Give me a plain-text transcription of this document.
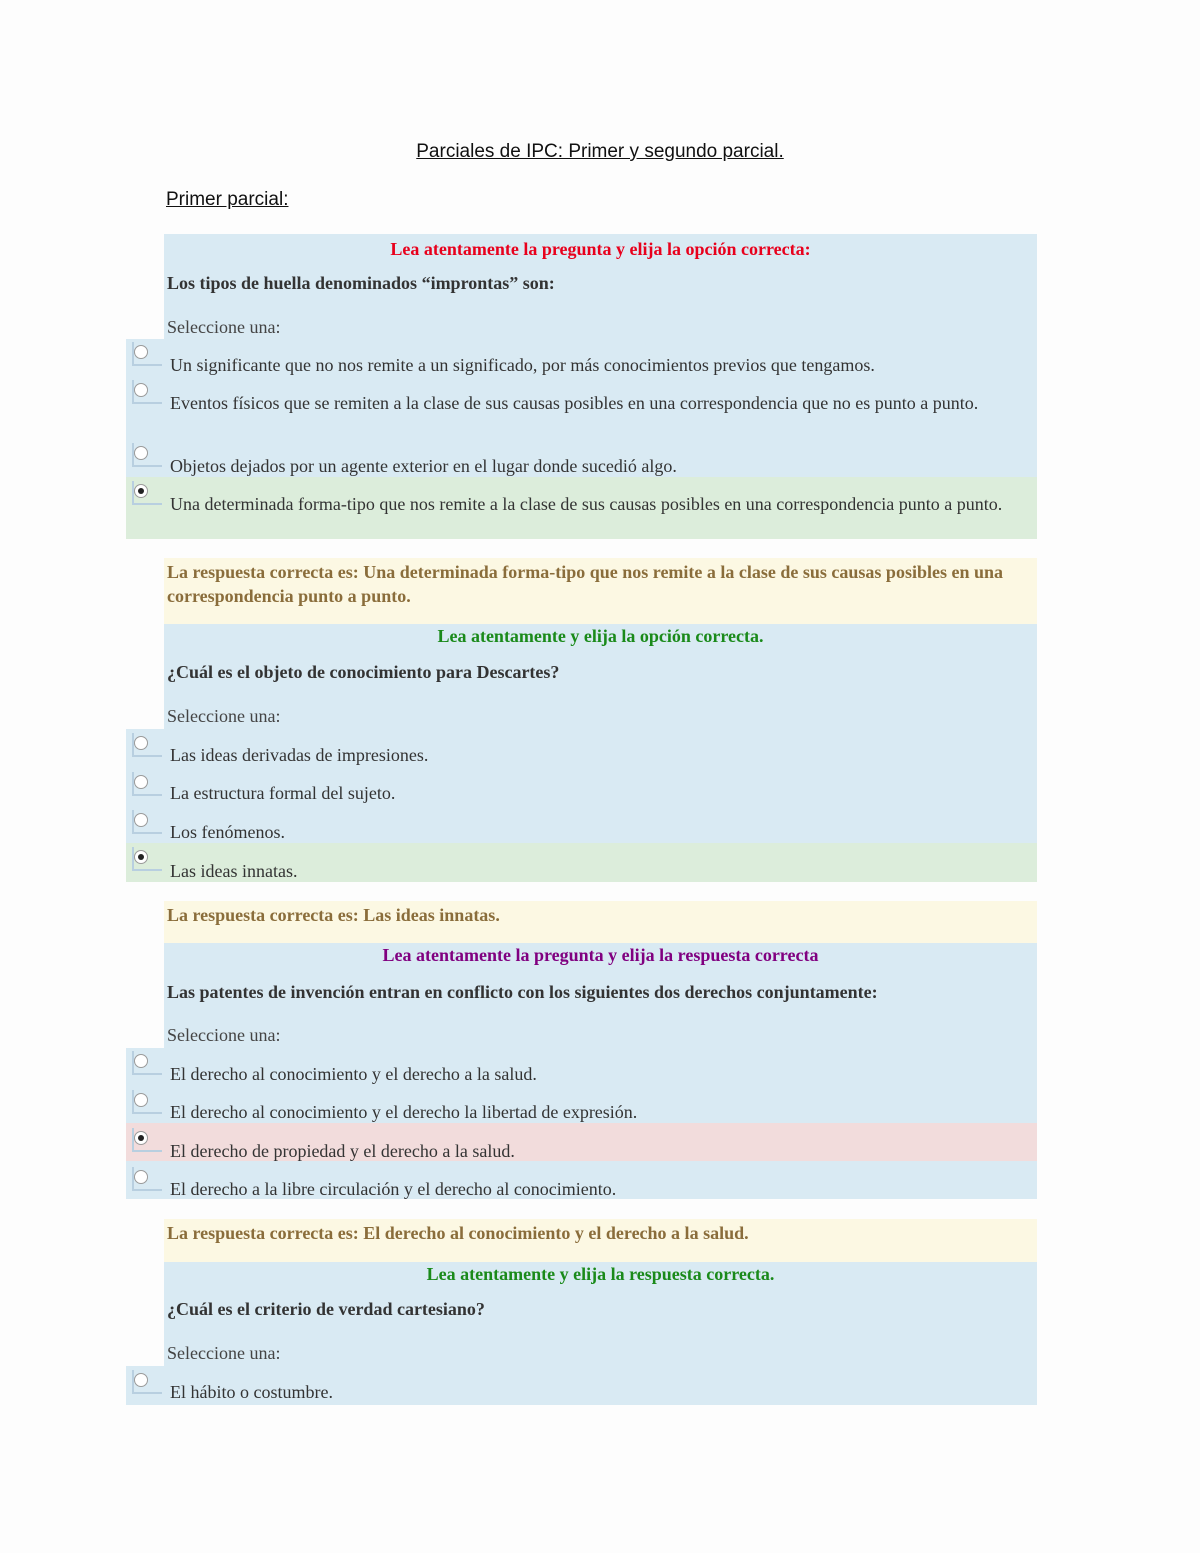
Parciales de IPC: Primer y segundo parcial.
Primer parcial:
Lea atentamente la pregunta y elija la opción correcta:
Los tipos de huella denominados “improntas” son:
Seleccione una:
Un significante que no nos remite a un significado, por más conocimientos previos que tengamos.
Eventos físicos que se remiten a la clase de sus causas posibles en una correspondencia que no es punto a punto.
Objetos dejados por un agente exterior en el lugar donde sucedió algo.
Una determinada forma-tipo que nos remite a la clase de sus causas posibles en una correspondencia punto a punto.
La respuesta correcta es: Una determinada forma-tipo que nos remite a la clase de sus causas posibles en una correspondencia punto a punto.
Lea atentamente y elija la opción correcta.
¿Cuál es el objeto de conocimiento para Descartes?
Seleccione una:
Las ideas derivadas de impresiones.
La estructura formal del sujeto.
Los fenómenos.
Las ideas innatas.
La respuesta correcta es: Las ideas innatas.
Lea atentamente la pregunta y elija la respuesta correcta
Las patentes de invención entran en conflicto con los siguientes dos derechos conjuntamente:
Seleccione una:
El derecho al conocimiento y el derecho a la salud.
El derecho al conocimiento y el derecho la libertad de expresión.
El derecho de propiedad y el derecho a la salud.
El derecho a la libre circulación y el derecho al conocimiento.
La respuesta correcta es: El derecho al conocimiento y el derecho a la salud.
Lea atentamente y elija la respuesta correcta.
¿Cuál es el criterio de verdad cartesiano?
Seleccione una:
El hábito o costumbre.
